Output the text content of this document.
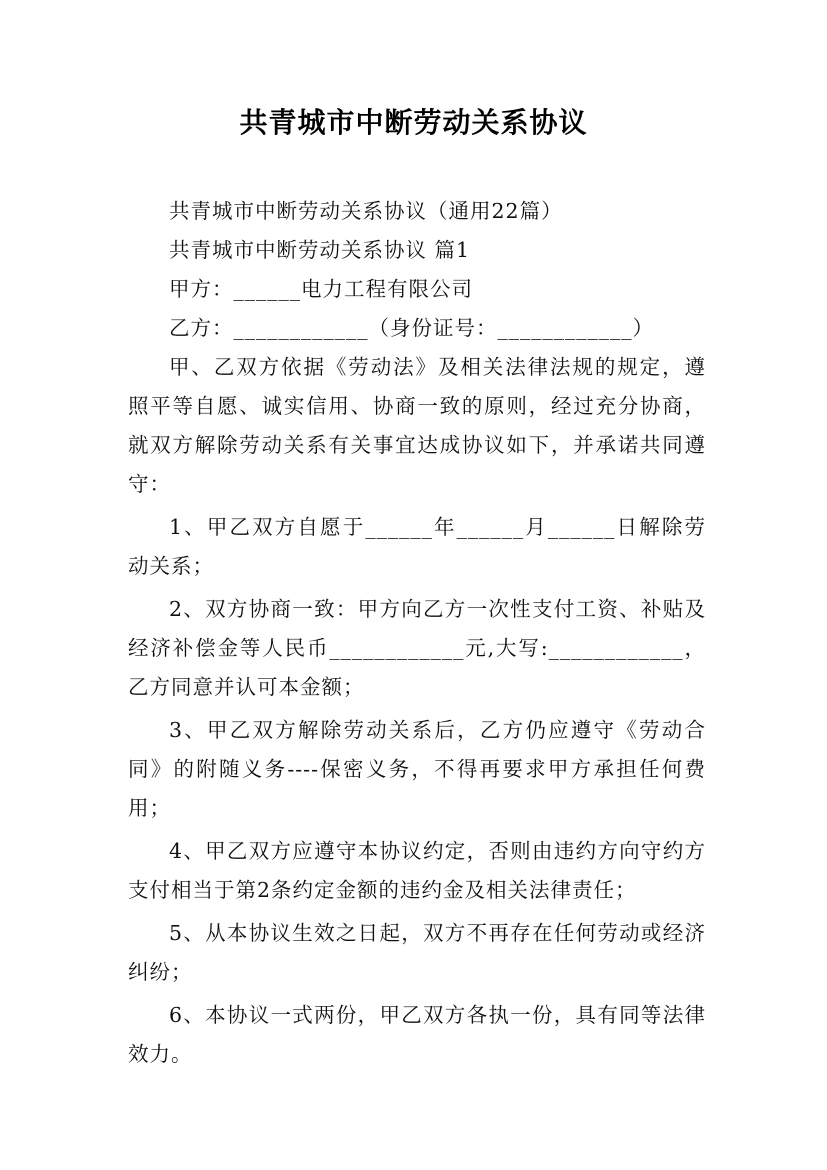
共青城市中断劳动关系协议

共青城市中断劳动关系协议（通用22篇）

共青城市中断劳动关系协议 篇1

甲方：______电力工程有限公司

乙方：____________（身份证号：____________）

甲、乙双方依据《劳动法》及相关法律法规的规定，遵照平等自愿、诚实信用、协商一致的原则，经过充分协商，就双方解除劳动关系有关事宜达成协议如下，并承诺共同遵守：

1、甲乙双方自愿于______年______月______日解除劳动关系；

2、双方协商一致：甲方向乙方一次性支付工资、补贴及经济补偿金等人民币____________元,大写:____________，乙方同意并认可本金额；

3、甲乙双方解除劳动关系后，乙方仍应遵守《劳动合同》的附随义务----保密义务，不得再要求甲方承担任何费用；

4、甲乙双方应遵守本协议约定，否则由违约方向守约方支付相当于第2条约定金额的违约金及相关法律责任；

5、从本协议生效之日起，双方不再存在任何劳动或经济纠纷；

6、本协议一式两份，甲乙双方各执一份，具有同等法律效力。
